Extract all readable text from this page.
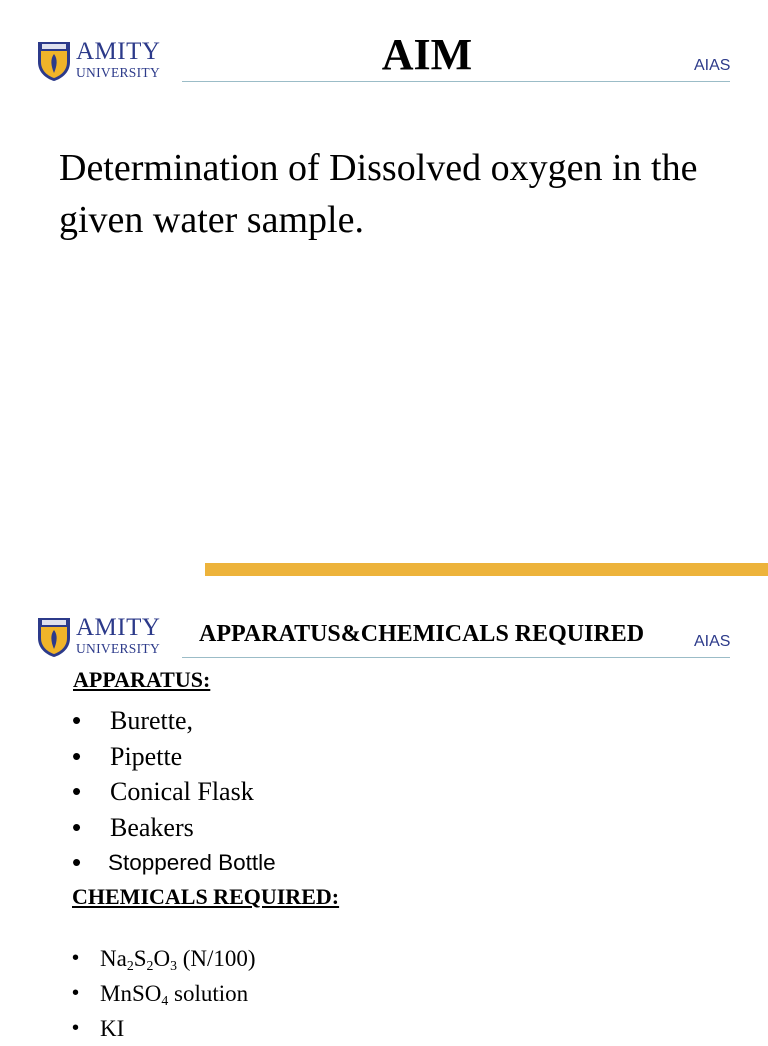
AMITY
UNIVERSITY	AIAS
AIM
Determination of Dissolved oxygen in the given water sample.
AMITY
UNIVERSITY	AIAS
APPARATUS&CHEMICALS REQUIRED
APPARATUS:
• Burette,
• Pipette
• Conical Flask
• Beakers
• Stoppered Bottle
CHEMICALS REQUIRED:
• $Na_2S_2O_3$ (N/100)
• MnSO$_4$ solution
• KI
